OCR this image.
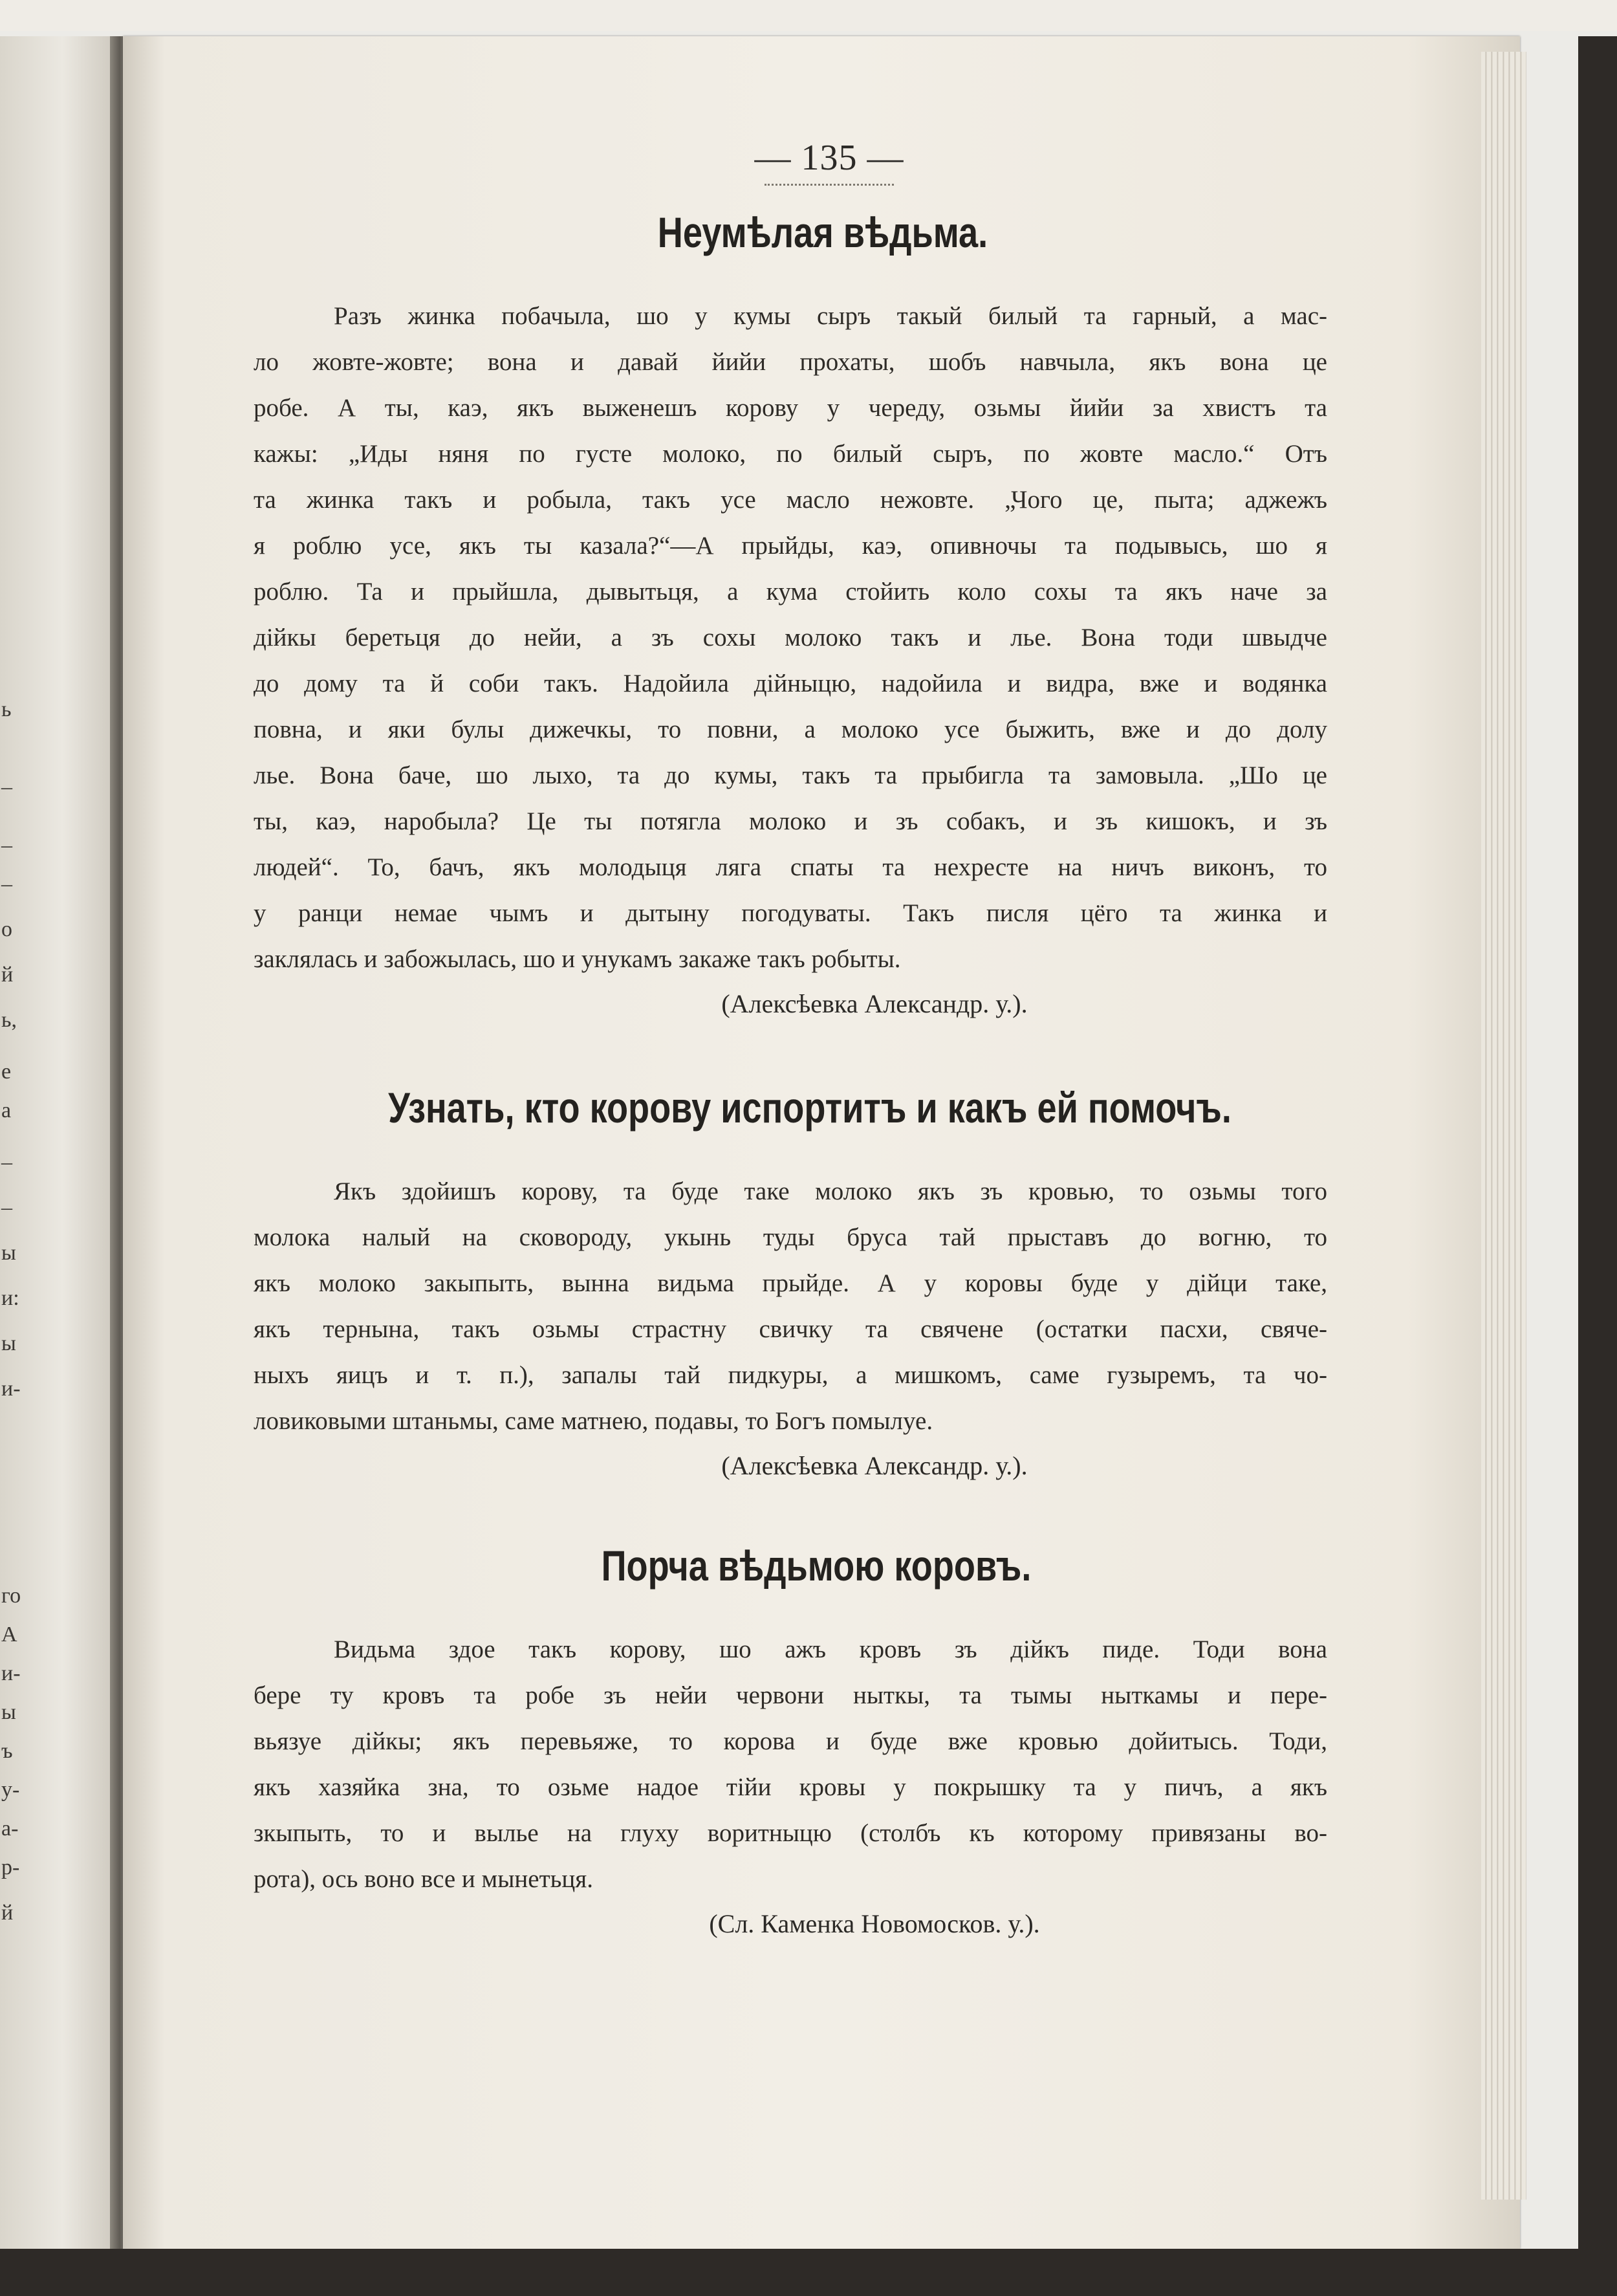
ь
–
–
–
о
й
ь,
е
а
–
–
ы
и:
ы
и-
го
А
и-
ы
ъ
у-
а-
р-
й
— 135 —
Неумѣлая вѣдьма.
Разъ жинка побачыла, шо у кумы сыръ такый билый та гарный, а мас-
ло жовте-жовте; вона и давай йийи прохаты, шобъ навчыла, якъ вона це
робе. А ты, каэ, якъ выженешъ корову у череду, озьмы йийи за хвистъ та
кажы: „Иды няня по густе молоко, по билый сыръ, по жовте масло.“ Отъ
та жинка такъ и робыла, такъ усе масло нежовте. „Чого це, пыта; аджежъ
я роблю усе, якъ ты казала?“—А прыйды, каэ, опивночы та подывысь, шо я
роблю. Та и прыйшла, дывытьця, а кума стойить коло сохы та якъ наче за
дійкы беретьця до нейи, а зъ сохы молоко такъ и лье. Вона тоди швыдче
до дому та й соби такъ. Надойила дійныцю, надойила и видра, вже и водянка
повна, и яки булы дижечкы, то повни, а молоко усе быжить, вже и до долу
лье. Вона баче, шо лыхо, та до кумы, такъ та прыбигла та замовыла. „Шо це
ты, каэ, наробыла? Це ты потягла молоко и зъ собакъ, и зъ кишокъ, и зъ
людей“. То, бачъ, якъ молодыця лягa спаты та нехресте на ничъ виконъ, то
у ранци немае чымъ и дытыну погодуваты. Такъ писля цёго та жинка и
заклялась и забожылась, шо и унукамъ закаже такъ робыты.
(Алексѣевка Александр. у.).
Узнать, кто корову испортитъ и какъ ей помочъ.
Якъ здойишъ корову, та буде таке молоко якъ зъ кровью, то озьмы того
молока налый на сковороду, укынь туды бруса тай прыставъ до вогню, то
якъ молоко закыпыть, вынна видьма прыйде. А у коровы буде у дійци таке,
якъ тернына, такъ озьмы страстну свичку та свячене (остатки пасхи, свяче-
ныхъ яицъ и т. п.), запалы тай пидкуры, а мишкомъ, саме гузыремъ, та чо-
ловиковыми штаньмы, саме матнею, подавы, то Богъ помылуе.
(Алексѣевка Александр. у.).
Порча вѣдьмою коровъ.
Видьма здое такъ корову, шо ажъ кровъ зъ дійкъ пиде. Тоди вона
бере ту кровъ та робе зъ нейи червони ныткы, та тымы ныткамы и пере-
вьязуе дійкы; якъ перевьяже, то корова и буде вже кровью дойитысь. Тоди,
якъ хазяйка зна, то озьме надое тійи кровы у покрышку та у пичъ, а якъ
зкыпыть, то и вылье на глуху воритныцю (столбъ къ которому привязаны во-
рота), ось воно все и мынетьця.
(Сл. Каменка Новомосков. у.).
